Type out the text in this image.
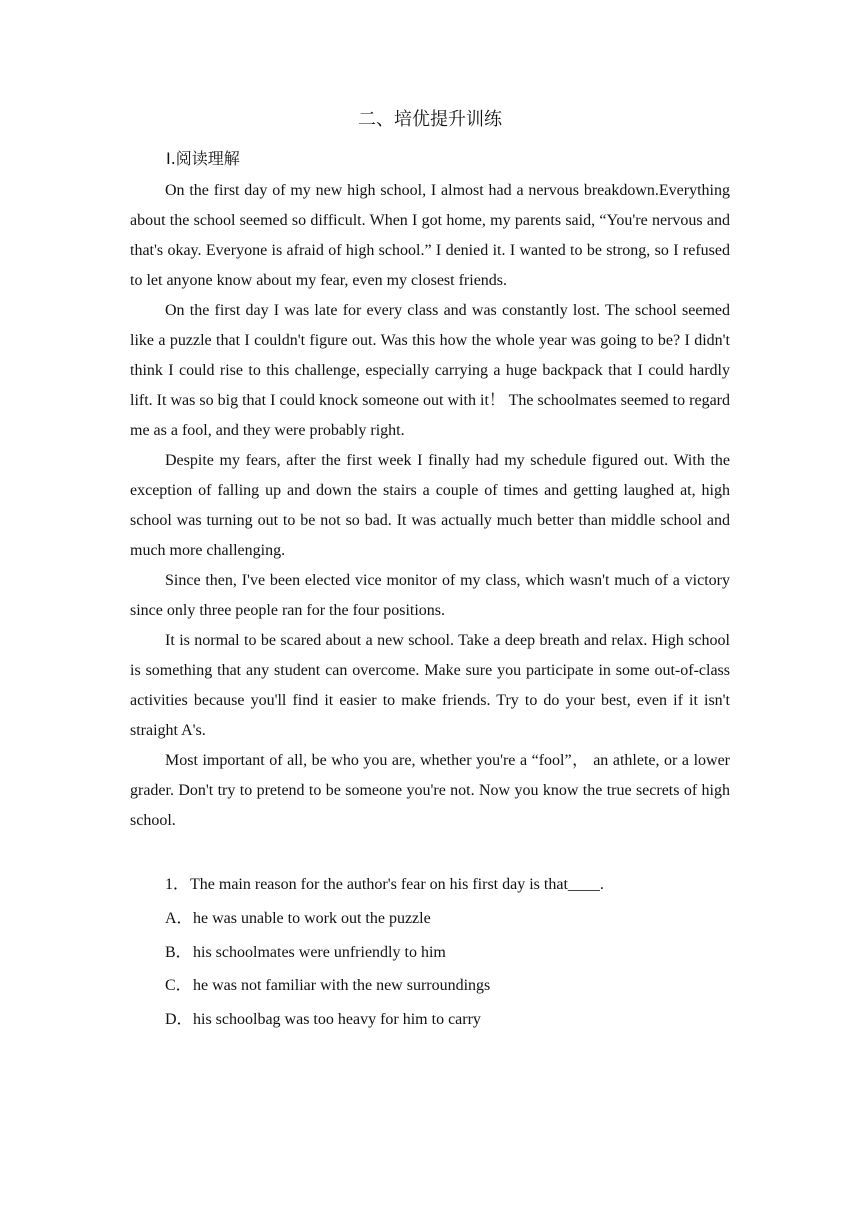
二、培优提升训练
Ⅰ.阅读理解

On the first day of my new high school, I almost had a nervous breakdown.Everything about the school seemed so difficult. When I got home, my parents said, “You're nervous and that's okay. Everyone is afraid of high school.” I denied it. I wanted to be strong, so I refused to let anyone know about my fear, even my closest friends.

On the first day I was late for every class and was constantly lost. The school seemed like a puzzle that I couldn't figure out. Was this how the whole year was going to be? I didn't think I could rise to this challenge, especially carrying a huge backpack that I could hardly lift. It was so big that I could knock someone out with it！ The schoolmates seemed to regard me as a fool, and they were probably right.

Despite my fears, after the first week I finally had my schedule figured out. With the exception of falling up and down the stairs a couple of times and getting laughed at, high school was turning out to be not so bad. It was actually much better than middle school and much more challenging.

Since then, I've been elected vice monitor of my class, which wasn't much of a victory since only three people ran for the four positions.

It is normal to be scared about a new school. Take a deep breath and relax. High school is something that any student can overcome. Make sure you participate in some out-of-class activities because you'll find it easier to make friends. Try to do your best, even if it isn't straight A's.

Most important of all, be who you are, whether you're a “fool”， an athlete, or a lower grader. Don't try to pretend to be someone you're not. Now you know the true secrets of high school.

1．The main reason for the author's fear on his first day is that____.

A．he was unable to work out the puzzle

B．his schoolmates were unfriendly to him

C．he was not familiar with the new surroundings

D．his schoolbag was too heavy for him to carry
